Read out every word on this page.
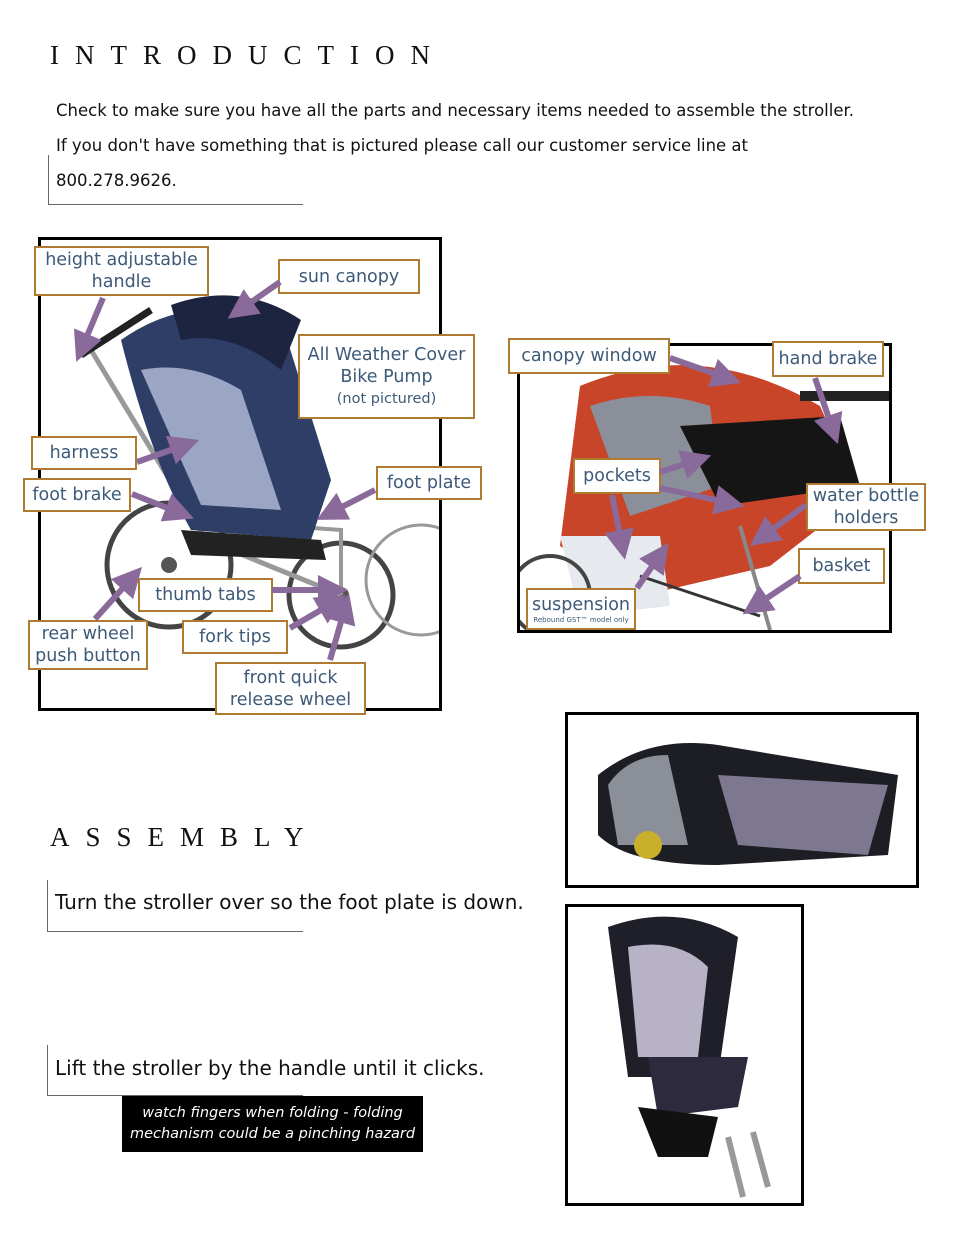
INTRODUCTION
Check to make sure you have all the parts and necessary items needed to assemble the stroller.
If you don't have something that is pictured please call our customer service line at
800.278.9626.
height adjustable
handle	sun canopy
All Weather Cover
Bike Pump
(not pictured)
harness
foot brake
foot plate
thumb tabs
rear wheel
push button
fork tips
front quick
release wheel
canopy window	hand brake
pockets
water bottle
holders
basket
suspension
Rebound GST™ model only
ASSEMBLY
Turn the stroller over so the foot plate is down.
Lift the stroller by the handle until it clicks.
watch fingers when folding - folding
mechanism could be a pinching hazard
